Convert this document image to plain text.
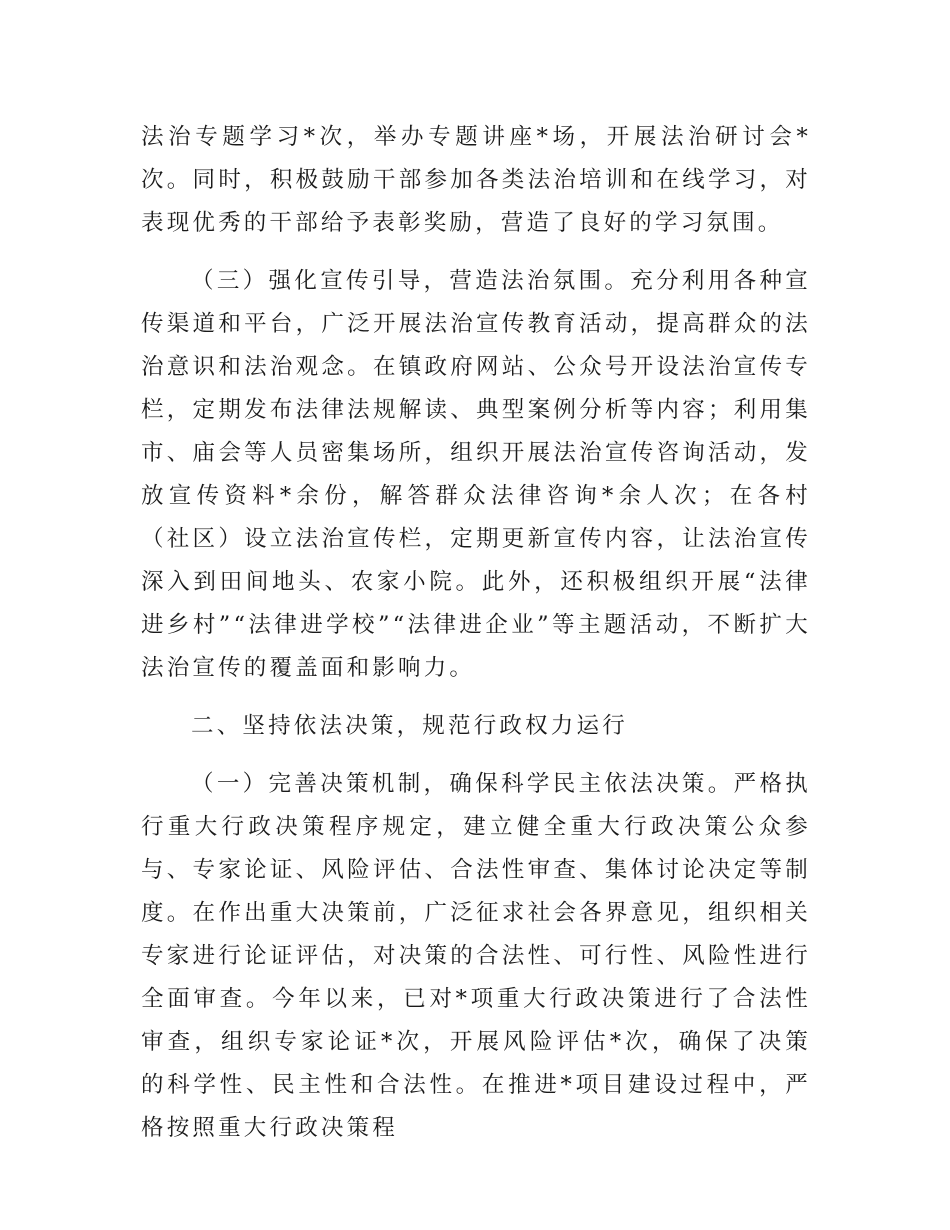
法治专题学习*次，举办专题讲座*场，开展法治研讨会*次。同时，积极鼓励干部参加各类法治培训和在线学习，对表现优秀的干部给予表彰奖励，营造了良好的学习氛围。

（三）强化宣传引导，营造法治氛围。充分利用各种宣传渠道和平台，广泛开展法治宣传教育活动，提高群众的法治意识和法治观念。在镇政府网站、公众号开设法治宣传专栏，定期发布法律法规解读、典型案例分析等内容；利用集市、庙会等人员密集场所，组织开展法治宣传咨询活动，发放宣传资料*余份，解答群众法律咨询*余人次；在各村（社区）设立法治宣传栏，定期更新宣传内容，让法治宣传深入到田间地头、农家小院。此外，还积极组织开展“法律进乡村”“法律进学校”“法律进企业”等主题活动，不断扩大法治宣传的覆盖面和影响力。

二、坚持依法决策，规范行政权力运行

（一）完善决策机制，确保科学民主依法决策。严格执行重大行政决策程序规定，建立健全重大行政决策公众参与、专家论证、风险评估、合法性审查、集体讨论决定等制度。在作出重大决策前，广泛征求社会各界意见，组织相关专家进行论证评估，对决策的合法性、可行性、风险性进行全面审查。今年以来，已对*项重大行政决策进行了合法性审查，组织专家论证*次，开展风险评估*次，确保了决策的科学性、民主性和合法性。在推进*项目建设过程中，严格按照重大行政决策程
